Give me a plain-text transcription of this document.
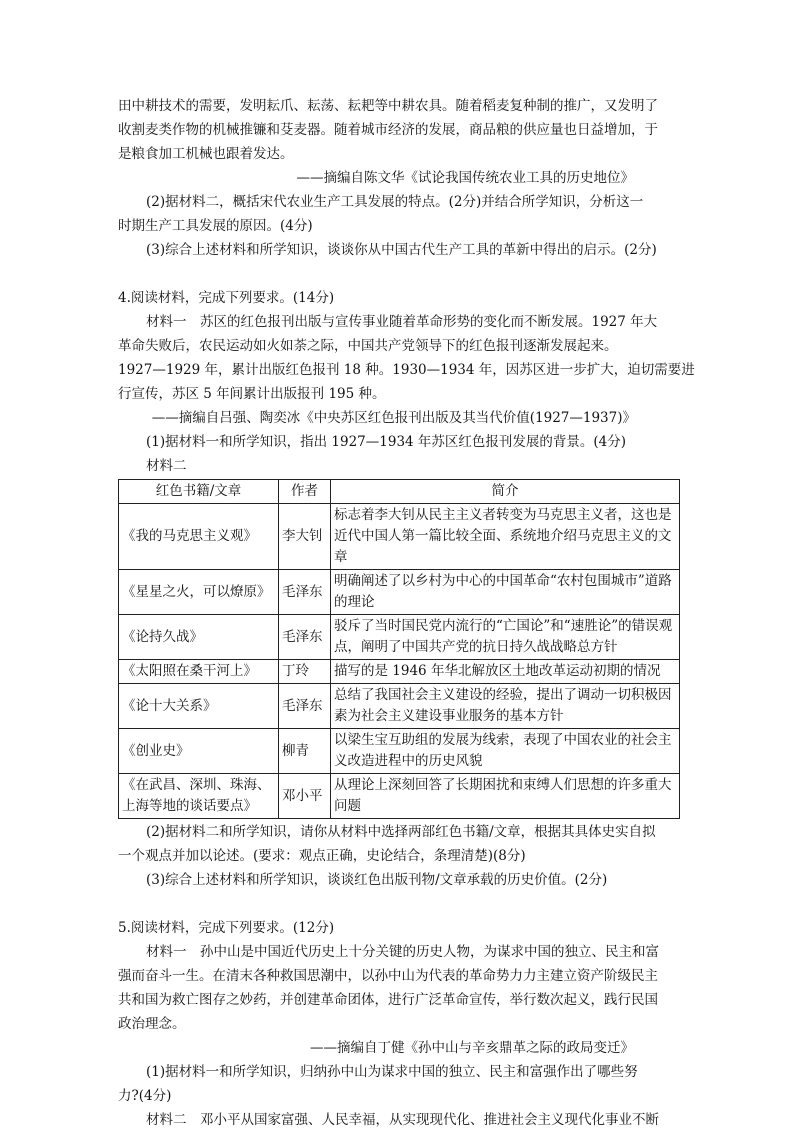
田中耕技术的需要，发明耘爪、耘荡、耘耙等中耕农具。随着稻麦复种制的推广，又发明了

收割麦类作物的机械推镰和芟麦器。随着城市经济的发展，商品粮的供应量也日益增加，于

是粮食加工机械也跟着发达。

——摘编自陈文华《试论我国传统农业工具的历史地位》

(2)据材料二，概括宋代农业生产工具发展的特点。(2分)并结合所学知识，分析这一

时期生产工具发展的原因。(4分)

(3)综合上述材料和所学知识，谈谈你从中国古代生产工具的革新中得出的启示。(2分)

4.阅读材料，完成下列要求。(14分)

材料一　苏区的红色报刊出版与宣传事业随着革命形势的变化而不断发展。1927 年大

革命失败后，农民运动如火如荼之际，中国共产党领导下的红色报刊逐渐发展起来。

1927—1929 年，累计出版红色报刊 18 种。1930—1934 年，因苏区进一步扩大，迫切需要进

行宣传，苏区 5 年间累计出版报刊 195 种。

——摘编自吕强、陶奕冰《中央苏区红色报刊出版及其当代价值(1927—1937)》

(1)据材料一和所学知识，指出 1927—1934 年苏区红色报刊发展的背景。(4分)

材料二

红色书籍/文章	作者	简介
《我的马克思主义观》	李大钊	标志着李大钊从民主主义者转变为马克思主义者，这也是近代中国人第一篇比较全面、系统地介绍马克思主义的文章
《星星之火，可以燎原》	毛泽东	明确阐述了以乡村为中心的中国革命“农村包围城市”道路的理论
《论持久战》	毛泽东	驳斥了当时国民党内流行的“亡国论”和“速胜论”的错误观点，阐明了中国共产党的抗日持久战战略总方针
《太阳照在桑干河上》	丁玲	描写的是 1946 年华北解放区土地改革运动初期的情况
《论十大关系》	毛泽东	总结了我国社会主义建设的经验，提出了调动一切积极因素为社会主义建设事业服务的基本方针
《创业史》	柳青	以梁生宝互助组的发展为线索，表现了中国农业的社会主义改造进程中的历史风貌
《在武昌、深圳、珠海、上海等地的谈话要点》	邓小平	从理论上深刻回答了长期困扰和束缚人们思想的许多重大问题

(2)据材料二和所学知识，请你从材料中选择两部红色书籍/文章，根据其具体史实自拟

一个观点并加以论述。(要求：观点正确，史论结合，条理清楚)(8分)

(3)综合上述材料和所学知识，谈谈红色出版刊物/文章承载的历史价值。(2分)

5.阅读材料，完成下列要求。(12分)

材料一　孙中山是中国近代历史上十分关键的历史人物，为谋求中国的独立、民主和富

强而奋斗一生。在清末各种救国思潮中，以孙中山为代表的革命势力力主建立资产阶级民主

共和国为救亡图存之妙药，并创建革命团体，进行广泛革命宣传，举行数次起义，践行民国

政治理念。

——摘编自丁健《孙中山与辛亥鼎革之际的政局变迁》

(1)据材料一和所学知识，归纳孙中山为谋求中国的独立、民主和富强作出了哪些努

力?(4分)

材料二　邓小平从国家富强、人民幸福，从实现现代化、推进社会主义现代化事业不断
